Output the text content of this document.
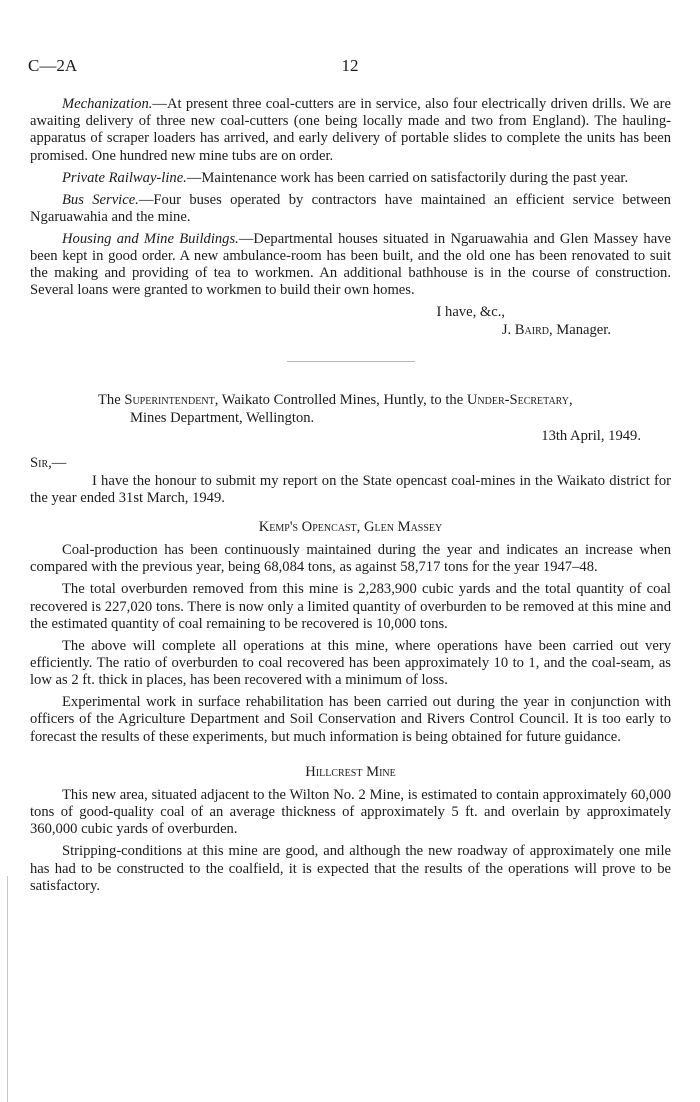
C—2A	12

Mechanization.—At present three coal-cutters are in service, also four electrically driven drills. We are awaiting delivery of three new coal-cutters (one being locally made and two from England). The hauling-apparatus of scraper loaders has arrived, and early delivery of portable slides to complete the units has been promised. One hundred new mine tubs are on order.

Private Railway-line.—Maintenance work has been carried on satisfactorily during the past year.

Bus Service.—Four buses operated by contractors have maintained an efficient service between Ngaruawahia and the mine.

Housing and Mine Buildings.—Departmental houses situated in Ngaruawahia and Glen Massey have been kept in good order. A new ambulance-room has been built, and the old one has been renovated to suit the making and providing of tea to workmen. An additional bathhouse is in the course of construction. Several loans were granted to workmen to build their own homes.

I have, &c.,

J. Baird, Manager.

The Superintendent, Waikato Controlled Mines, Huntly, to the Under-Secretary,

Mines Department, Wellington.

13th April, 1949.

Sir,—

I have the honour to submit my report on the State opencast coal-mines in the Waikato district for the year ended 31st March, 1949.

Kemp's Opencast, Glen Massey

Coal-production has been continuously maintained during the year and indicates an increase when compared with the previous year, being 68,084 tons, as against 58,717 tons for the year 1947–48.

The total overburden removed from this mine is 2,283,900 cubic yards and the total quantity of coal recovered is 227,020 tons. There is now only a limited quantity of overburden to be removed at this mine and the estimated quantity of coal remaining to be recovered is 10,000 tons.

The above will complete all operations at this mine, where operations have been carried out very efficiently. The ratio of overburden to coal recovered has been approximately 10 to 1, and the coal-seam, as low as 2 ft. thick in places, has been recovered with a minimum of loss.

Experimental work in surface rehabilitation has been carried out during the year in conjunction with officers of the Agriculture Department and Soil Conservation and Rivers Control Council. It is too early to forecast the results of these experiments, but much information is being obtained for future guidance.

Hillcrest Mine

This new area, situated adjacent to the Wilton No. 2 Mine, is estimated to contain approximately 60,000 tons of good-quality coal of an average thickness of approximately 5 ft. and overlain by approximately 360,000 cubic yards of overburden.

Stripping-conditions at this mine are good, and although the new roadway of approximately one mile has had to be constructed to the coalfield, it is expected that the results of the operations will prove to be satisfactory.
